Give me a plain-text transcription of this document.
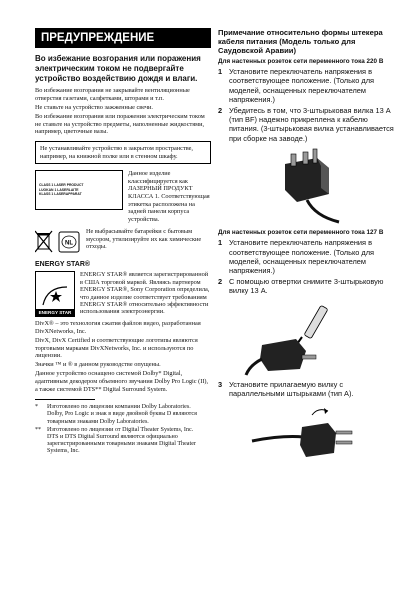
ПРЕДУПРЕЖДЕНИЕ
Во избежание возгорания или поражения электрическим током не подвергайте устройство воздействию дождя и влаги.
Во избежание возгорания не закрывайте вентиляционные отверстия газетами, салфетками, шторами и т.п.
Не ставьте на устройство зажженные свечи.
Во избежание возгорания или поражения электрическим током не ставьте на устройство предметы, наполненные жидкостями, например, цветочные вазы.
Не устанавливайте устройство в закрытом пространстве, например, на книжной полке или в стенном шкафу.
CLASS 1 LASER PRODUCT
LUOKAN 1 LASERLAITE
KLASS 1 LASERAPPARAT
Данное изделие классифицируется как ЛАЗЕРНЫЙ ПРОДУКТ КЛАССА 1. Соответствующая этикетка расположена на задней панели корпуса устройства.
NL
Не выбрасывайте батарейки с бытовым мусором, утилизируйте их как химические отходы.
ENERGY STAR®
ENERGY STAR
ENERGY STAR® является зарегистрированной в США торговой маркой. Являясь партнером ENERGY STAR®, Sony Corporation определила, что данное изделие соответствует требованиям ENERGY STAR® относительно эффективности использования электроэнергии.
DivX® – это технология сжатия файлов видео, разработанная DivXNetworks, Inc.
DivX, DivX Certified и соответствующие логотипы являются торговыми марками DivXNetworks, Inc. и используются по лицензии.
Значки ™ и ® в данном руководстве опущены.
Данное устройство оснащено системой Dolby* Digital, адаптивным декодером объемного звучания Dolby Pro Logic (II), а также системой DTS** Digital Surround System.
*	Изготовлено по лицензии компании Dolby Laboratories.
Dolby, Pro Logic и знак в виде двойной буквы D являются товарными знаками Dolby Laboratories.
** Изготовлено по лицензии от Digital Theater Systems, Inc.
DTS и DTS Digital Surround являются официально зарегистрированными товарными знаками Digital Theater Systems, Inc.
Примечание относительно формы штекера кабеля питания (Модель только для Саудовской Аравии)
Для настенных розеток сети переменного тока 220 В
1 Установите переключатель напряжения в соответствующее положение. (Только для моделей, оснащенных переключателем напряжения.)
2 Убедитесь в том, что 3-штырьковая вилка 13 А (тип BF) надежно прикреплена к кабелю питания. (3-штырьковая вилка устанавливается при сборке на заводе.)
Для настенных розеток сети переменного тока 127 В
1 Установите переключатель напряжения в соответствующее положение. (Только для моделей, оснащенных переключателем напряжения.)
2 С помощью отвертки снимите 3-штырьковую вилку 13 А.
3 Установите прилагаемую вилку с параллельными штырьками (тип А).
